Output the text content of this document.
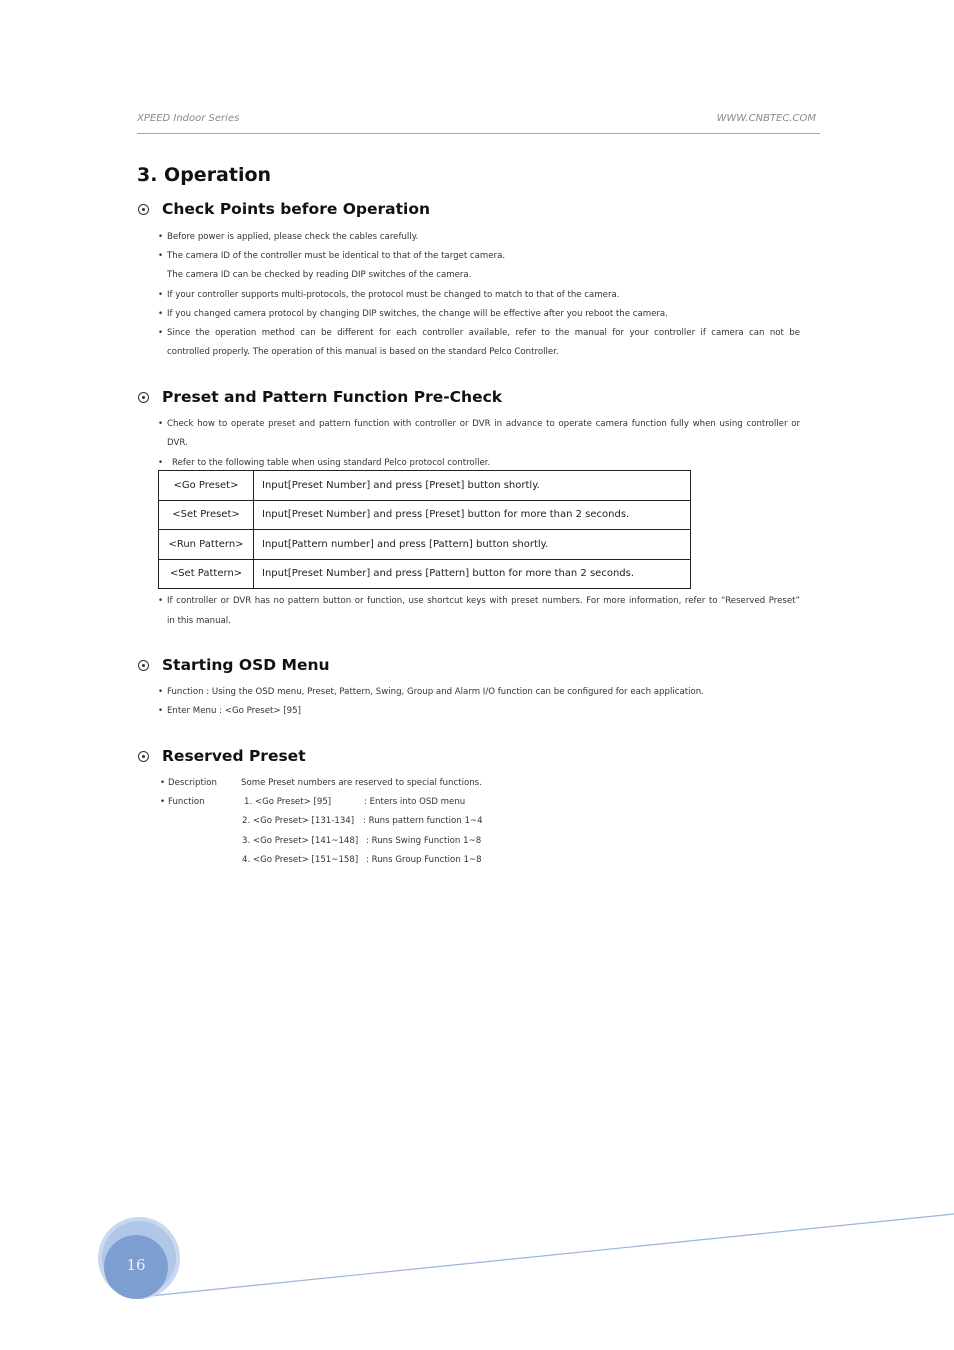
XPEED Indoor Series	WWW.CNBTEC.COM
3. Operation
Check Points before Operation
• Before power is applied, please check the cables carefully.
• The camera ID of the controller must be identical to that of the target camera.
The camera ID can be checked by reading DIP switches of the camera.
• If your controller supports multi-protocols, the protocol must be changed to match to that of the camera.
• If you changed camera protocol by changing DIP switches, the change will be effective after you reboot the camera.
• Since the operation method can be different for each controller available, refer to the manual for your controller if camera can not be
controlled properly. The operation of this manual is based on the standard Pelco Controller.
Preset and Pattern Function Pre-Check
• Check how to operate preset and pattern function with controller or DVR in advance to operate camera function fully when using controller or
DVR.
• Refer to the following table when using standard Pelco protocol controller.
<Go Preset>	Input[Preset Number] and press [Preset] button shortly.
<Set Preset>	Input[Preset Number] and press [Preset] button for more than 2 seconds.
<Run Pattern>	Input[Pattern number] and press [Pattern] button shortly.
<Set Pattern>	Input[Preset Number] and press [Pattern] button for more than 2 seconds.
• If controller or DVR has no pattern button or function, use shortcut keys with preset numbers. For more information, refer to “Reserved Preset”
in this manual.
Starting OSD Menu
• Function : Using the OSD menu, Preset, Pattern, Swing, Group and Alarm I/O function can be configured for each application.
• Enter Menu : <Go Preset> [95]
Reserved Preset
• Description	Some Preset numbers are reserved to special functions.
• Function	1. <Go Preset> [95]	: Enters into OSD menu
2. <Go Preset> [131-134] : Runs pattern function 1~4
3. <Go Preset> [141~148] : Runs Swing Function 1~8
4. <Go Preset> [151~158] : Runs Group Function 1~8
16
